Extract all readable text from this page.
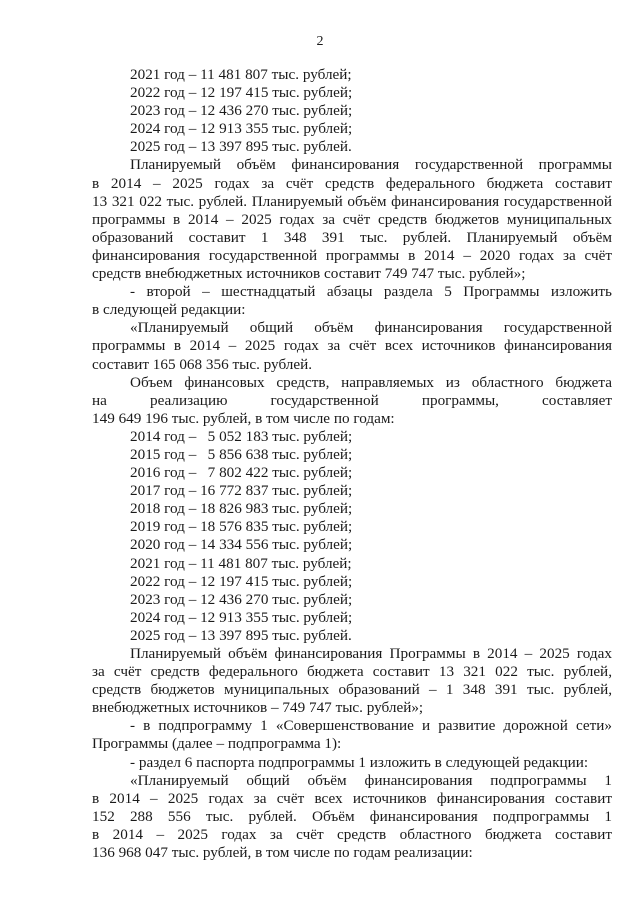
2
2021 год – 11 481 807 тыс. рублей;
2022 год – 12 197 415 тыс. рублей;
2023 год – 12 436 270 тыс. рублей;
2024 год – 12 913 355 тыс. рублей;
2025 год – 13 397 895 тыс. рублей.
Планируемый объём финансирования государственной программы
в 2014 – 2025 годах за счёт средств федерального бюджета составит
13 321 022 тыс. рублей. Планируемый объём финансирования государственной
программы в 2014 – 2025 годах за счёт средств бюджетов муниципальных
образований составит 1 348 391 тыс. рублей. Планируемый объём
финансирования государственной программы в 2014 – 2020 годах за счёт
средств внебюджетных источников составит 749 747 тыс. рублей»;
- второй – шестнадцатый абзацы раздела 5 Программы изложить
в следующей редакции:
«Планируемый общий объём финансирования государственной
программы в 2014 – 2025 годах за счёт всех источников финансирования
составит 165 068 356 тыс. рублей.
Объем финансовых средств, направляемых из областного бюджета
на реализацию государственной программы, составляет
149 649 196 тыс. рублей, в том числе по годам:
2014 год –   5 052 183 тыс. рублей;
2015 год –   5 856 638 тыс. рублей;
2016 год –   7 802 422 тыс. рублей;
2017 год – 16 772 837 тыс. рублей;
2018 год – 18 826 983 тыс. рублей;
2019 год – 18 576 835 тыс. рублей;
2020 год – 14 334 556 тыс. рублей;
2021 год – 11 481 807 тыс. рублей;
2022 год – 12 197 415 тыс. рублей;
2023 год – 12 436 270 тыс. рублей;
2024 год – 12 913 355 тыс. рублей;
2025 год – 13 397 895 тыс. рублей.
Планируемый объём финансирования Программы в 2014 – 2025 годах
за счёт средств федерального бюджета составит 13 321 022 тыс. рублей,
средств бюджетов муниципальных образований – 1 348 391 тыс. рублей,
внебюджетных источников – 749 747 тыс. рублей»;
- в подпрограмму 1 «Совершенствование и развитие дорожной сети»
Программы (далее – подпрограмма 1):
- раздел 6 паспорта подпрограммы 1 изложить в следующей редакции:
«Планируемый общий объём финансирования подпрограммы 1
в 2014 – 2025 годах за счёт всех источников финансирования составит
152 288 556 тыс. рублей. Объём финансирования подпрограммы 1
в 2014 – 2025 годах за счёт средств областного бюджета составит
136 968 047 тыс. рублей, в том числе по годам реализации:
